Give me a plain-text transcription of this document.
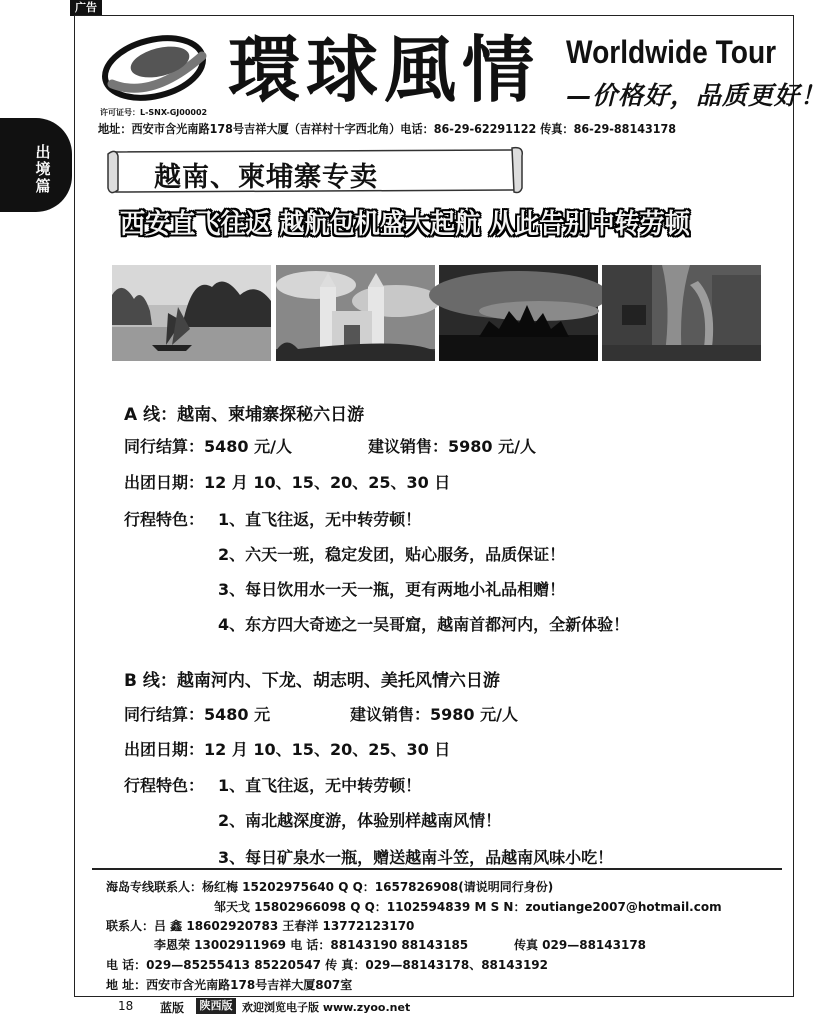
广告
出境篇
環球風情 Worldwide Tour
—价格好，品质更好！
许可证号：L-SNX-GJ00002
地址：西安市含光南路178号吉祥大厦（吉祥村十字西北角）电话：86-29-62291122 传真：86-29-88143178
越南、柬埔寨专卖
西安直飞往返 越航包机盛大起航 从此告别中转劳顿
A 线：越南、柬埔寨探秘六日游
同行结算：5480 元/人	建议销售：5980 元/人
出团日期：12 月 10、15、20、25、30 日
行程特色： 1、直飞往返，无中转劳顿！
2、六天一班，稳定发团，贴心服务，品质保证！
3、每日饮用水一天一瓶，更有两地小礼品相赠！
4、东方四大奇迹之一吴哥窟，越南首都河内，全新体验！
B 线：越南河内、下龙、胡志明、美托风情六日游
同行结算：5480 元	建议销售：5980 元/人
出团日期：12 月 10、15、20、25、30 日
行程特色： 1、直飞往返，无中转劳顿！
2、南北越深度游，体验别样越南风情！
3、每日矿泉水一瓶，赠送越南斗笠，品越南风味小吃！
海岛专线联系人：杨红梅 15202975640 Q Q：1657826908(请说明同行身份)
邹天戈 15802966098 Q Q：1102594839 M S N：zoutiange2007@hotmail.com
联系人：吕 鑫 18602920783 王春洋 13772123170
李恩荣 13002911969 电 话：88143190 88143185	传真 029—88143178
电 话：029—85255413 85220547 传 真：029—88143178、88143192
地 址：西安市含光南路178号吉祥大厦807室
18 蓝版	陕西版 欢迎浏览电子版 www.zyoo.net
